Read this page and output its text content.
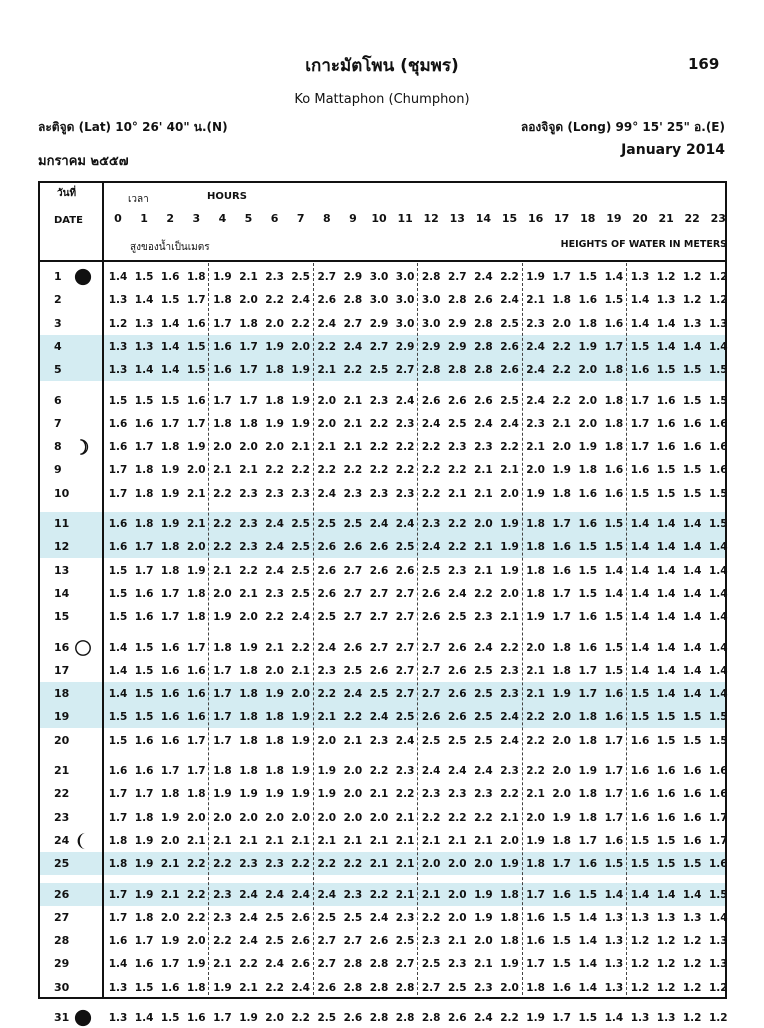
เกาะมัตโพน (ชุมพร)	169
Ko Mattaphon (Chumphon)
ละติจูด (Lat) 10° 26' 40" น.(N)	ลองจิจูด (Long) 99° 15' 25" อ.(E)
มกราคม ๒๕๕๗
January 2014
วันที่
DATE
เวลา	HOURS
0	1	2	3	4	5	6	7	8	9	10 11 12 13 14 15 16 17 18 19 20 21 22 23
สูงของน้ำเป็นเมตร	HEIGHTS OF WATER IN METERS
1	1.4 1.5 1.6 1.8 1.9 2.1 2.3 2.5 2.7 2.9 3.0 3.0 2.8 2.7 2.4 2.2 1.9 1.7 1.5 1.4 1.3 1.2 1.2 1.2
2	1.3 1.4 1.5 1.7 1.8 2.0 2.2 2.4 2.6 2.8 3.0 3.0 3.0 2.8 2.6 2.4 2.1 1.8 1.6 1.5 1.4 1.3 1.2 1.2
3	1.2 1.3 1.4 1.6 1.7 1.8 2.0 2.2 2.4 2.7 2.9 3.0 3.0 2.9 2.8 2.5 2.3 2.0 1.8 1.6 1.4 1.4 1.3 1.3
4	1.3 1.3 1.4 1.5 1.6 1.7 1.9 2.0 2.2 2.4 2.7 2.9 2.9 2.9 2.8 2.6 2.4 2.2 1.9 1.7 1.5 1.4 1.4 1.4
5	1.3 1.4 1.4 1.5 1.6 1.7 1.8 1.9 2.1 2.2 2.5 2.7 2.8 2.8 2.8 2.6 2.4 2.2 2.0 1.8 1.6 1.5 1.5 1.5
6	1.5 1.5 1.5 1.6 1.7 1.7 1.8 1.9 2.0 2.1 2.3 2.4 2.6 2.6 2.6 2.5 2.4 2.2 2.0 1.8 1.7 1.6 1.5 1.5
7	1.6 1.6 1.7 1.7 1.8 1.8 1.9 1.9 2.0 2.1 2.2 2.3 2.4 2.5 2.4 2.4 2.3 2.1 2.0 1.8 1.7 1.6 1.6 1.6
8	1.6 1.7 1.8 1.9 2.0 2.0 2.0 2.1 2.1 2.1 2.2 2.2 2.2 2.3 2.3 2.2 2.1 2.0 1.9 1.8 1.7 1.6 1.6 1.6
9	1.7 1.8 1.9 2.0 2.1 2.1 2.2 2.2 2.2 2.2 2.2 2.2 2.2 2.2 2.1 2.1 2.0 1.9 1.8 1.6 1.6 1.5 1.5 1.6
10	1.7 1.8 1.9 2.1 2.2 2.3 2.3 2.3 2.4 2.3 2.3 2.3 2.2 2.1 2.1 2.0 1.9 1.8 1.6 1.6 1.5 1.5 1.5 1.5
11	1.6 1.8 1.9 2.1 2.2 2.3 2.4 2.5 2.5 2.5 2.4 2.4 2.3 2.2 2.0 1.9 1.8 1.7 1.6 1.5 1.4 1.4 1.4 1.5
12	1.6 1.7 1.8 2.0 2.2 2.3 2.4 2.5 2.6 2.6 2.6 2.5 2.4 2.2 2.1 1.9 1.8 1.6 1.5 1.5 1.4 1.4 1.4 1.4
13	1.5 1.7 1.8 1.9 2.1 2.2 2.4 2.5 2.6 2.7 2.6 2.6 2.5 2.3 2.1 1.9 1.8 1.6 1.5 1.4 1.4 1.4 1.4 1.4
14	1.5 1.6 1.7 1.8 2.0 2.1 2.3 2.5 2.6 2.7 2.7 2.7 2.6 2.4 2.2 2.0 1.8 1.7 1.5 1.4 1.4 1.4 1.4 1.4
15	1.5 1.6 1.7 1.8 1.9 2.0 2.2 2.4 2.5 2.7 2.7 2.7 2.6 2.5 2.3 2.1 1.9 1.7 1.6 1.5 1.4 1.4 1.4 1.4
16	1.4 1.5 1.6 1.7 1.8 1.9 2.1 2.2 2.4 2.6 2.7 2.7 2.7 2.6 2.4 2.2 2.0 1.8 1.6 1.5 1.4 1.4 1.4 1.4
17	1.4 1.5 1.6 1.6 1.7 1.8 2.0 2.1 2.3 2.5 2.6 2.7 2.7 2.6 2.5 2.3 2.1 1.8 1.7 1.5 1.4 1.4 1.4 1.4
18	1.4 1.5 1.6 1.6 1.7 1.8 1.9 2.0 2.2 2.4 2.5 2.7 2.7 2.6 2.5 2.3 2.1 1.9 1.7 1.6 1.5 1.4 1.4 1.4
19	1.5 1.5 1.6 1.6 1.7 1.8 1.8 1.9 2.1 2.2 2.4 2.5 2.6 2.6 2.5 2.4 2.2 2.0 1.8 1.6 1.5 1.5 1.5 1.5
20	1.5 1.6 1.6 1.7 1.7 1.8 1.8 1.9 2.0 2.1 2.3 2.4 2.5 2.5 2.5 2.4 2.2 2.0 1.8 1.7 1.6 1.5 1.5 1.5
21	1.6 1.6 1.7 1.7 1.8 1.8 1.8 1.9 1.9 2.0 2.2 2.3 2.4 2.4 2.4 2.3 2.2 2.0 1.9 1.7 1.6 1.6 1.6 1.6
22	1.7 1.7 1.8 1.8 1.9 1.9 1.9 1.9 1.9 2.0 2.1 2.2 2.3 2.3 2.3 2.2 2.1 2.0 1.8 1.7 1.6 1.6 1.6 1.6
23	1.7 1.8 1.9 2.0 2.0 2.0 2.0 2.0 2.0 2.0 2.0 2.1 2.2 2.2 2.2 2.1 2.0 1.9 1.8 1.7 1.6 1.6 1.6 1.7
24	1.8 1.9 2.0 2.1 2.1 2.1 2.1 2.1 2.1 2.1 2.1 2.1 2.1 2.1 2.1 2.0 1.9 1.8 1.7 1.6 1.5 1.5 1.6 1.7
25	1.8 1.9 2.1 2.2 2.2 2.3 2.3 2.2 2.2 2.2 2.1 2.1 2.0 2.0 2.0 1.9 1.8 1.7 1.6 1.5 1.5 1.5 1.5 1.6
26	1.7 1.9 2.1 2.2 2.3 2.4 2.4 2.4 2.4 2.3 2.2 2.1 2.1 2.0 1.9 1.8 1.7 1.6 1.5 1.4 1.4 1.4 1.4 1.5
27	1.7 1.8 2.0 2.2 2.3 2.4 2.5 2.6 2.5 2.5 2.4 2.3 2.2 2.0 1.9 1.8 1.6 1.5 1.4 1.3 1.3 1.3 1.3 1.4
28	1.6 1.7 1.9 2.0 2.2 2.4 2.5 2.6 2.7 2.7 2.6 2.5 2.3 2.1 2.0 1.8 1.6 1.5 1.4 1.3 1.2 1.2 1.2 1.3
29	1.4 1.6 1.7 1.9 2.1 2.2 2.4 2.6 2.7 2.8 2.8 2.7 2.5 2.3 2.1 1.9 1.7 1.5 1.4 1.3 1.2 1.2 1.2 1.3
30	1.3 1.5 1.6 1.8 1.9 2.1 2.2 2.4 2.6 2.8 2.8 2.8 2.7 2.5 2.3 2.0 1.8 1.6 1.4 1.3 1.2 1.2 1.2 1.2
31	1.3 1.4 1.5 1.6 1.7 1.9 2.0 2.2 2.5 2.6 2.8 2.8 2.8 2.6 2.4 2.2 1.9 1.7 1.5 1.4 1.3 1.3 1.2 1.2
